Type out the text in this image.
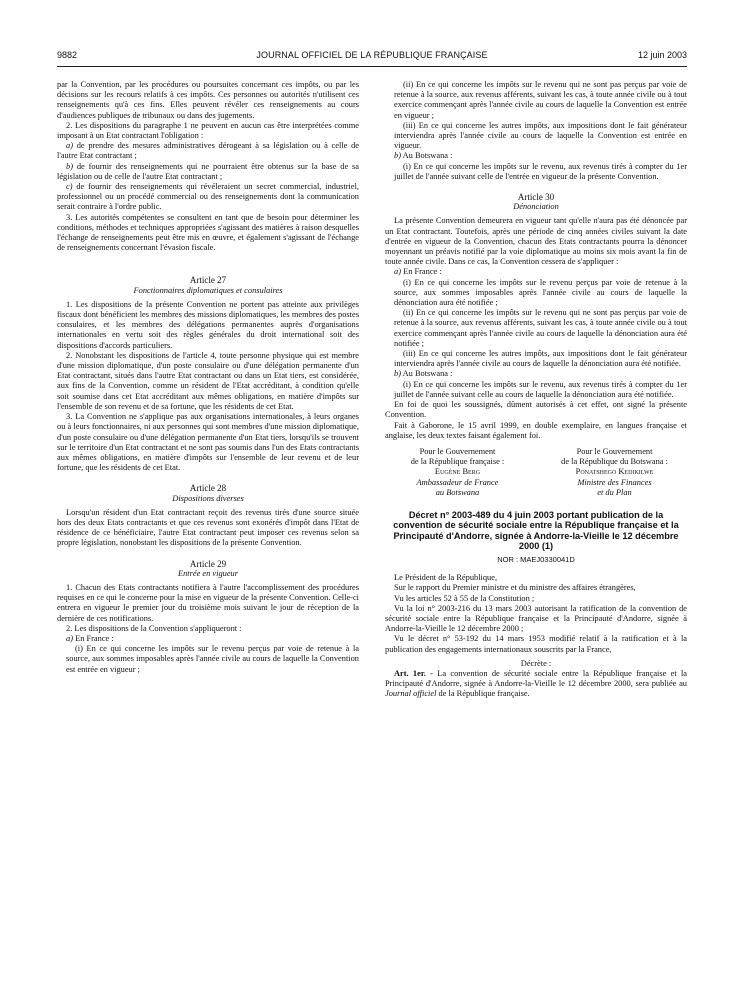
9882	JOURNAL OFFICIEL DE LA RÉPUBLIQUE FRANÇAISE	12 juin 2003

par la Convention, par les procédures ou poursuites concernant ces impôts, ou par les décisions sur les recours relatifs à ces impôts. Ces personnes ou autorités n'utilisent ces renseignements qu'à ces fins. Elles peuvent révéler ces renseignements au cours d'audiences publiques de tribunaux ou dans des jugements.

2. Les dispositions du paragraphe 1 ne peuvent en aucun cas être interprétées comme imposant à un Etat contractant l'obligation :

a) de prendre des mesures administratives dérogeant à sa législation ou à celle de l'autre Etat contractant ;

b) de fournir des renseignements qui ne pourraient être obtenus sur la base de sa législation ou de celle de l'autre Etat contractant ;

c) de fournir des renseignements qui révéleraient un secret commercial, industriel, professionnel ou un procédé commercial ou des renseignements dont la communication serait contraire à l'ordre public.

3. Les autorités compétentes se consultent en tant que de besoin pour déterminer les conditions, méthodes et techniques appropriées s'agissant des matières à raison desquelles l'échange de renseignements peut être mis en œuvre, et également s'agissant de l'échange de renseignements concernant l'évasion fiscale.

Article 27

Fonctionnaires diplomatiques et consulaires

1. Les dispositions de la présente Convention ne portent pas atteinte aux privilèges fiscaux dont bénéficient les membres des missions diplomatiques, les membres des postes consulaires, et les membres des délégations permanentes auprès d'organisations internationales en vertu soit des règles générales du droit international soit des dispositions d'accords particuliers.

2. Nonobstant les dispositions de l'article 4, toute personne physique qui est membre d'une mission diplomatique, d'un poste consulaire ou d'une délégation permanente d'un Etat contractant, situés dans l'autre Etat contractant ou dans un Etat tiers, est considérée, aux fins de la Convention, comme un résident de l'Etat accréditant, à condition qu'elle soit soumise dans cet Etat accréditant aux mêmes obligations, en matière d'impôts sur l'ensemble de son revenu et de sa fortune, que les résidents de cet Etat.

3. La Convention ne s'applique pas aux organisations internationales, à leurs organes ou à leurs fonctionnaires, ni aux personnes qui sont membres d'une mission diplomatique, d'un poste consulaire ou d'une délégation permanente d'un Etat tiers, lorsqu'ils se trouvent sur le territoire d'un Etat contractant et ne sont pas soumis dans l'un des Etats contractants aux mêmes obligations, en matière d'impôts sur l'ensemble de leur revenu et de leur fortune, que les résidents de cet Etat.

Article 28

Dispositions diverses

Lorsqu'un résident d'un Etat contractant reçoit des revenus tirés d'une source située hors des deux Etats contractants et que ces revenus sont exonérés d'impôt dans l'Etat de résidence de ce bénéficiaire, l'autre Etat contractant peut imposer ces revenus selon sa propre législation, nonobstant les dispositions de la présente Convention.

Article 29

Entrée en vigueur

1. Chacun des Etats contractants notifiera à l'autre l'accomplissement des procédures requises en ce qui le concerne pour la mise en vigueur de la présente Convention. Celle-ci entrera en vigueur le premier jour du troisième mois suivant le jour de réception de la dernière de ces notifications.

2. Les dispositions de la Convention s'appliqueront :

a) En France :

(i) En ce qui concerne les impôts sur le revenu perçus par voie de retenue à la source, aux sommes imposables après l'année civile au cours de laquelle la Convention est entrée en vigueur ;

(ii) En ce qui concerne les impôts sur le revenu qui ne sont pas perçus par voie de retenue à la source, aux revenus afférents, suivant les cas, à toute année civile ou à tout exercice commençant après l'année civile au cours de laquelle la Convention est entrée en vigueur ;

(iii) En ce qui concerne les autres impôts, aux impositions dont le fait générateur interviendra après l'année civile au cours de laquelle la Convention est entrée en vigueur.

b) Au Botswana :

(i) En ce qui concerne les impôts sur le revenu, aux revenus tirés à compter du 1er juillet de l'année suivant celle de l'entrée en vigueur de la présente Convention.

Article 30

Dénonciation

La présente Convention demeurera en vigueur tant qu'elle n'aura pas été dénoncée par un Etat contractant. Toutefois, après une période de cinq années civiles suivant la date d'entrée en vigueur de la Convention, chacun des Etats contractants pourra la dénoncer moyennant un préavis notifié par la voie diplomatique au moins six mois avant la fin de toute année civile. Dans ce cas, la Convention cessera de s'appliquer :

a) En France :

(i) En ce qui concerne les impôts sur le revenu perçus par voie de retenue à la source, aux sommes imposables après l'année civile au cours de laquelle la dénonciation aura été notifiée ;

(ii) En ce qui concerne les impôts sur le revenu qui ne sont pas perçus par voie de retenue à la source, aux revenus afférents, suivant les cas, à toute année civile ou à tout exercice commençant après l'année civile au cours de laquelle la dénonciation aura été notifiée ;

(iii) En ce qui concerne les autres impôts, aux impositions dont le fait générateur interviendra après l'année civile au cours de laquelle la dénonciation aura été notifiée.

b) Au Botswana :

(i) En ce qui concerne les impôts sur le revenu, aux revenus tirés à compter du 1er juillet de l'année suivant celle au cours de laquelle la dénonciation aura été notifiée.

En foi de quoi les soussignés, dûment autorisés à cet effet, ont signé la présente Convention.

Fait à Gaborone, le 15 avril 1999, en double exemplaire, en langues française et anglaise, les deux textes faisant également foi.

Pour le Gouvernement
de la République française :
Eugène Berg
Ambassadeur de France
au Botswana
Pour le Gouvernement
de la République du Botswana :
Ponatshego Kedikilwe
Ministre des Finances
et du Plan
Décret n° 2003-489 du 4 juin 2003 portant publication de la convention de sécurité sociale entre la République française et la Principauté d'Andorre, signée à Andorre-la-Vieille le 12 décembre 2000 (1)
NOR : MAEJ0330041D

Le Président de la République,

Sur le rapport du Premier ministre et du ministre des affaires étrangères,

Vu les articles 52 à 55 de la Constitution ;

Vu la loi n° 2003-216 du 13 mars 2003 autorisant la ratification de la convention de sécurité sociale entre la République française et la Principauté d'Andorre, signée à Andorre-la-Vieille le 12 décembre 2000 ;

Vu le décret n° 53-192 du 14 mars 1953 modifié relatif à la ratification et à la publication des engagements internationaux souscrits par la France,

Décrète :

Art. 1er. - La convention de sécurité sociale entre la République française et la Principauté d'Andorre, signée à Andorre-la-Vieille le 12 décembre 2000, sera publiée au Journal officiel de la République française.
